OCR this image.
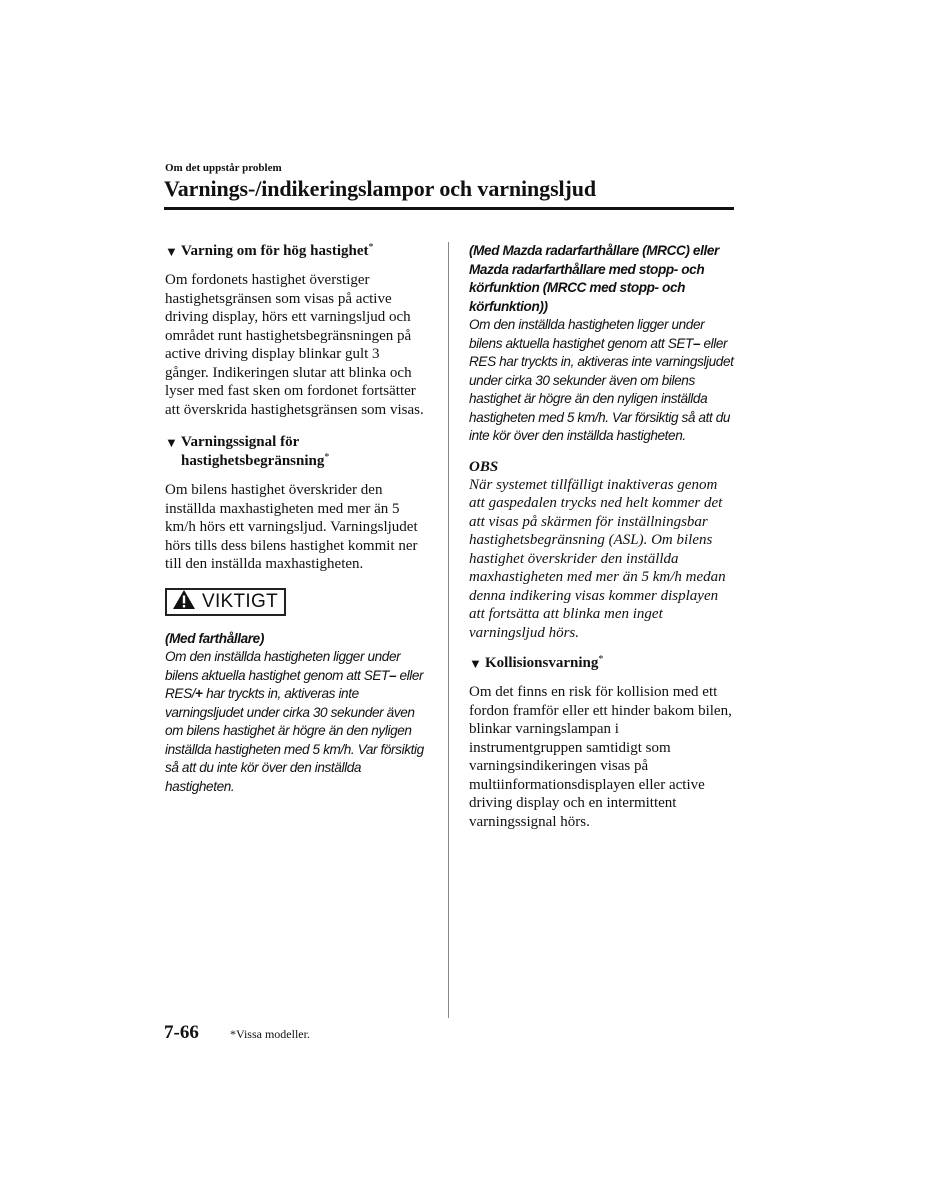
Om det uppstår problem
Varnings-/indikeringslampor och varningsljud
▼ Varning om för hög hastighet*

Om fordonets hastighet överstiger hastighetsgränsen som visas på active driving display, hörs ett varningsljud och området runt hastighetsbegränsningen på active driving display blinkar gult 3 gånger. Indikeringen slutar att blinka och lyser med fast sken om fordonet fortsätter att överskrida hastighetsgränsen som visas.

▼ Varningssignal för
hastighetsbegränsning*

Om bilens hastighet överskrider den inställda maxhastigheten med mer än 5 km/h hörs ett varningsljud. Varningsljudet hörs tills dess bilens hastighet kommit ner till den inställda maxhastigheten.

VIKTIGT

(Med farthållare)

Om den inställda hastigheten ligger under bilens aktuella hastighet genom att SET– eller RES/+ har tryckts in, aktiveras inte varningsljudet under cirka 30 sekunder även om bilens hastighet är högre än den nyligen inställda hastigheten med 5 km/h. Var försiktig så att du inte kör över den inställda hastigheten.

(Med Mazda radarfarthållare (MRCC) eller Mazda radarfarthållare med stopp- och körfunktion (MRCC med stopp- och körfunktion))

Om den inställda hastigheten ligger under bilens aktuella hastighet genom att SET– eller RES har tryckts in, aktiveras inte varningsljudet under cirka 30 sekunder även om bilens hastighet är högre än den nyligen inställda hastigheten med 5 km/h. Var försiktig så att du inte kör över den inställda hastigheten.

OBS

När systemet tillfälligt inaktiveras genom att gaspedalen trycks ned helt kommer det att visas på skärmen för inställningsbar hastighetsbegränsning (ASL). Om bilens hastighet överskrider den inställda maxhastigheten med mer än 5 km/h medan denna indikering visas kommer displayen att fortsätta att blinka men inget varningsljud hörs.

▼ Kollisionsvarning*

Om det finns en risk för kollision med ett fordon framför eller ett hinder bakom bilen, blinkar varningslampan i instrumentgruppen samtidigt som varningsindikeringen visas på multiinformationsdisplayen eller active driving display och en intermittent varningssignal hörs.

7-66	*Vissa modeller.
